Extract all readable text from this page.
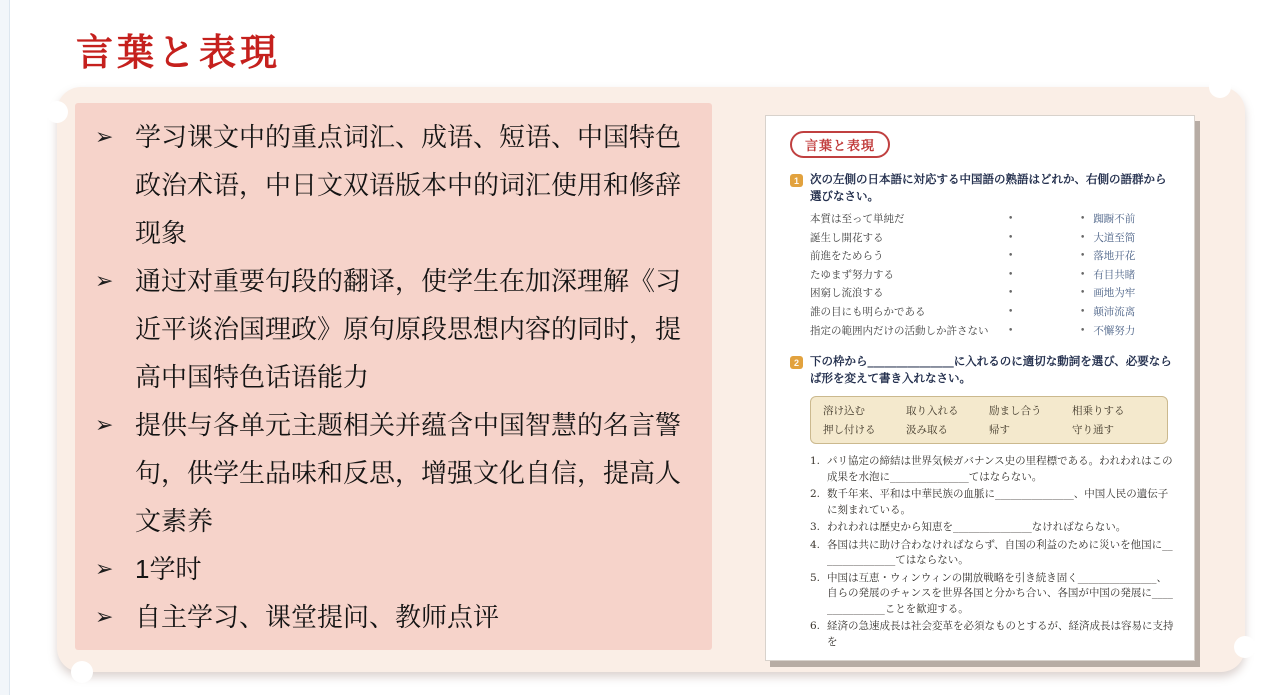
言葉と表現
➢ 学习课文中的重点词汇、成语、短语、中国特色政治术语，中日文双语版本中的词汇使用和修辞现象
➢ 通过对重要句段的翻译，使学生在加深理解《习近平谈治国理政》原句原段思想内容的同时，提高中国特色话语能力
➢ 提供与各单元主题相关并蕴含中国智慧的名言警句，供学生品味和反思，增强文化自信，提高人文素养
➢ 1学时
➢ 自主学习、课堂提问、教师点评
言葉と表現
1 次の左側の日本語に対応する中国語の熟語はどれか、右側の語群から選びなさい。

本質は至って単純だ	•	• 踟蹰不前
誕生し開花する	•	• 大道至简
前進をためらう	•	• 落地开花
たゆまず努力する	•	• 有目共睹
困窮し流浪する	•	• 画地为牢
誰の目にも明らかである	•	• 颠沛流离
指定の範囲内だけの活動しか許さない	•	• 不懈努力
2 下の枠から_______________に入れるのに適切な動詞を選び、必要ならば形を変えて書き入れなさい。

溶け込む	取り入れる	励まし合う	相乗りする
押し付ける	汲み取る	帰す	守り通す
1. パリ協定の締結は世界気候ガバナンス史の里程標である。われわれはこの成果を水泡に_______________てはならない。
2. 数千年来、平和は中華民族の血脈に_______________、中国人民の遺伝子に刻まれている。
3. われわれは歴史から知恵を_______________なければならない。
4. 各国は共に助け合わなければならず、自国の利益のために災いを他国に_______________てはならない。
5. 中国は互恵・ウィンウィンの開放戦略を引き続き固く_______________、自らの発展のチャンスを世界各国と分かち合い、各国が中国の発展に_______________ことを歓迎する。
6. 経済の急速成長は社会変革を必須なものとするが、経済成長は容易に支持を
